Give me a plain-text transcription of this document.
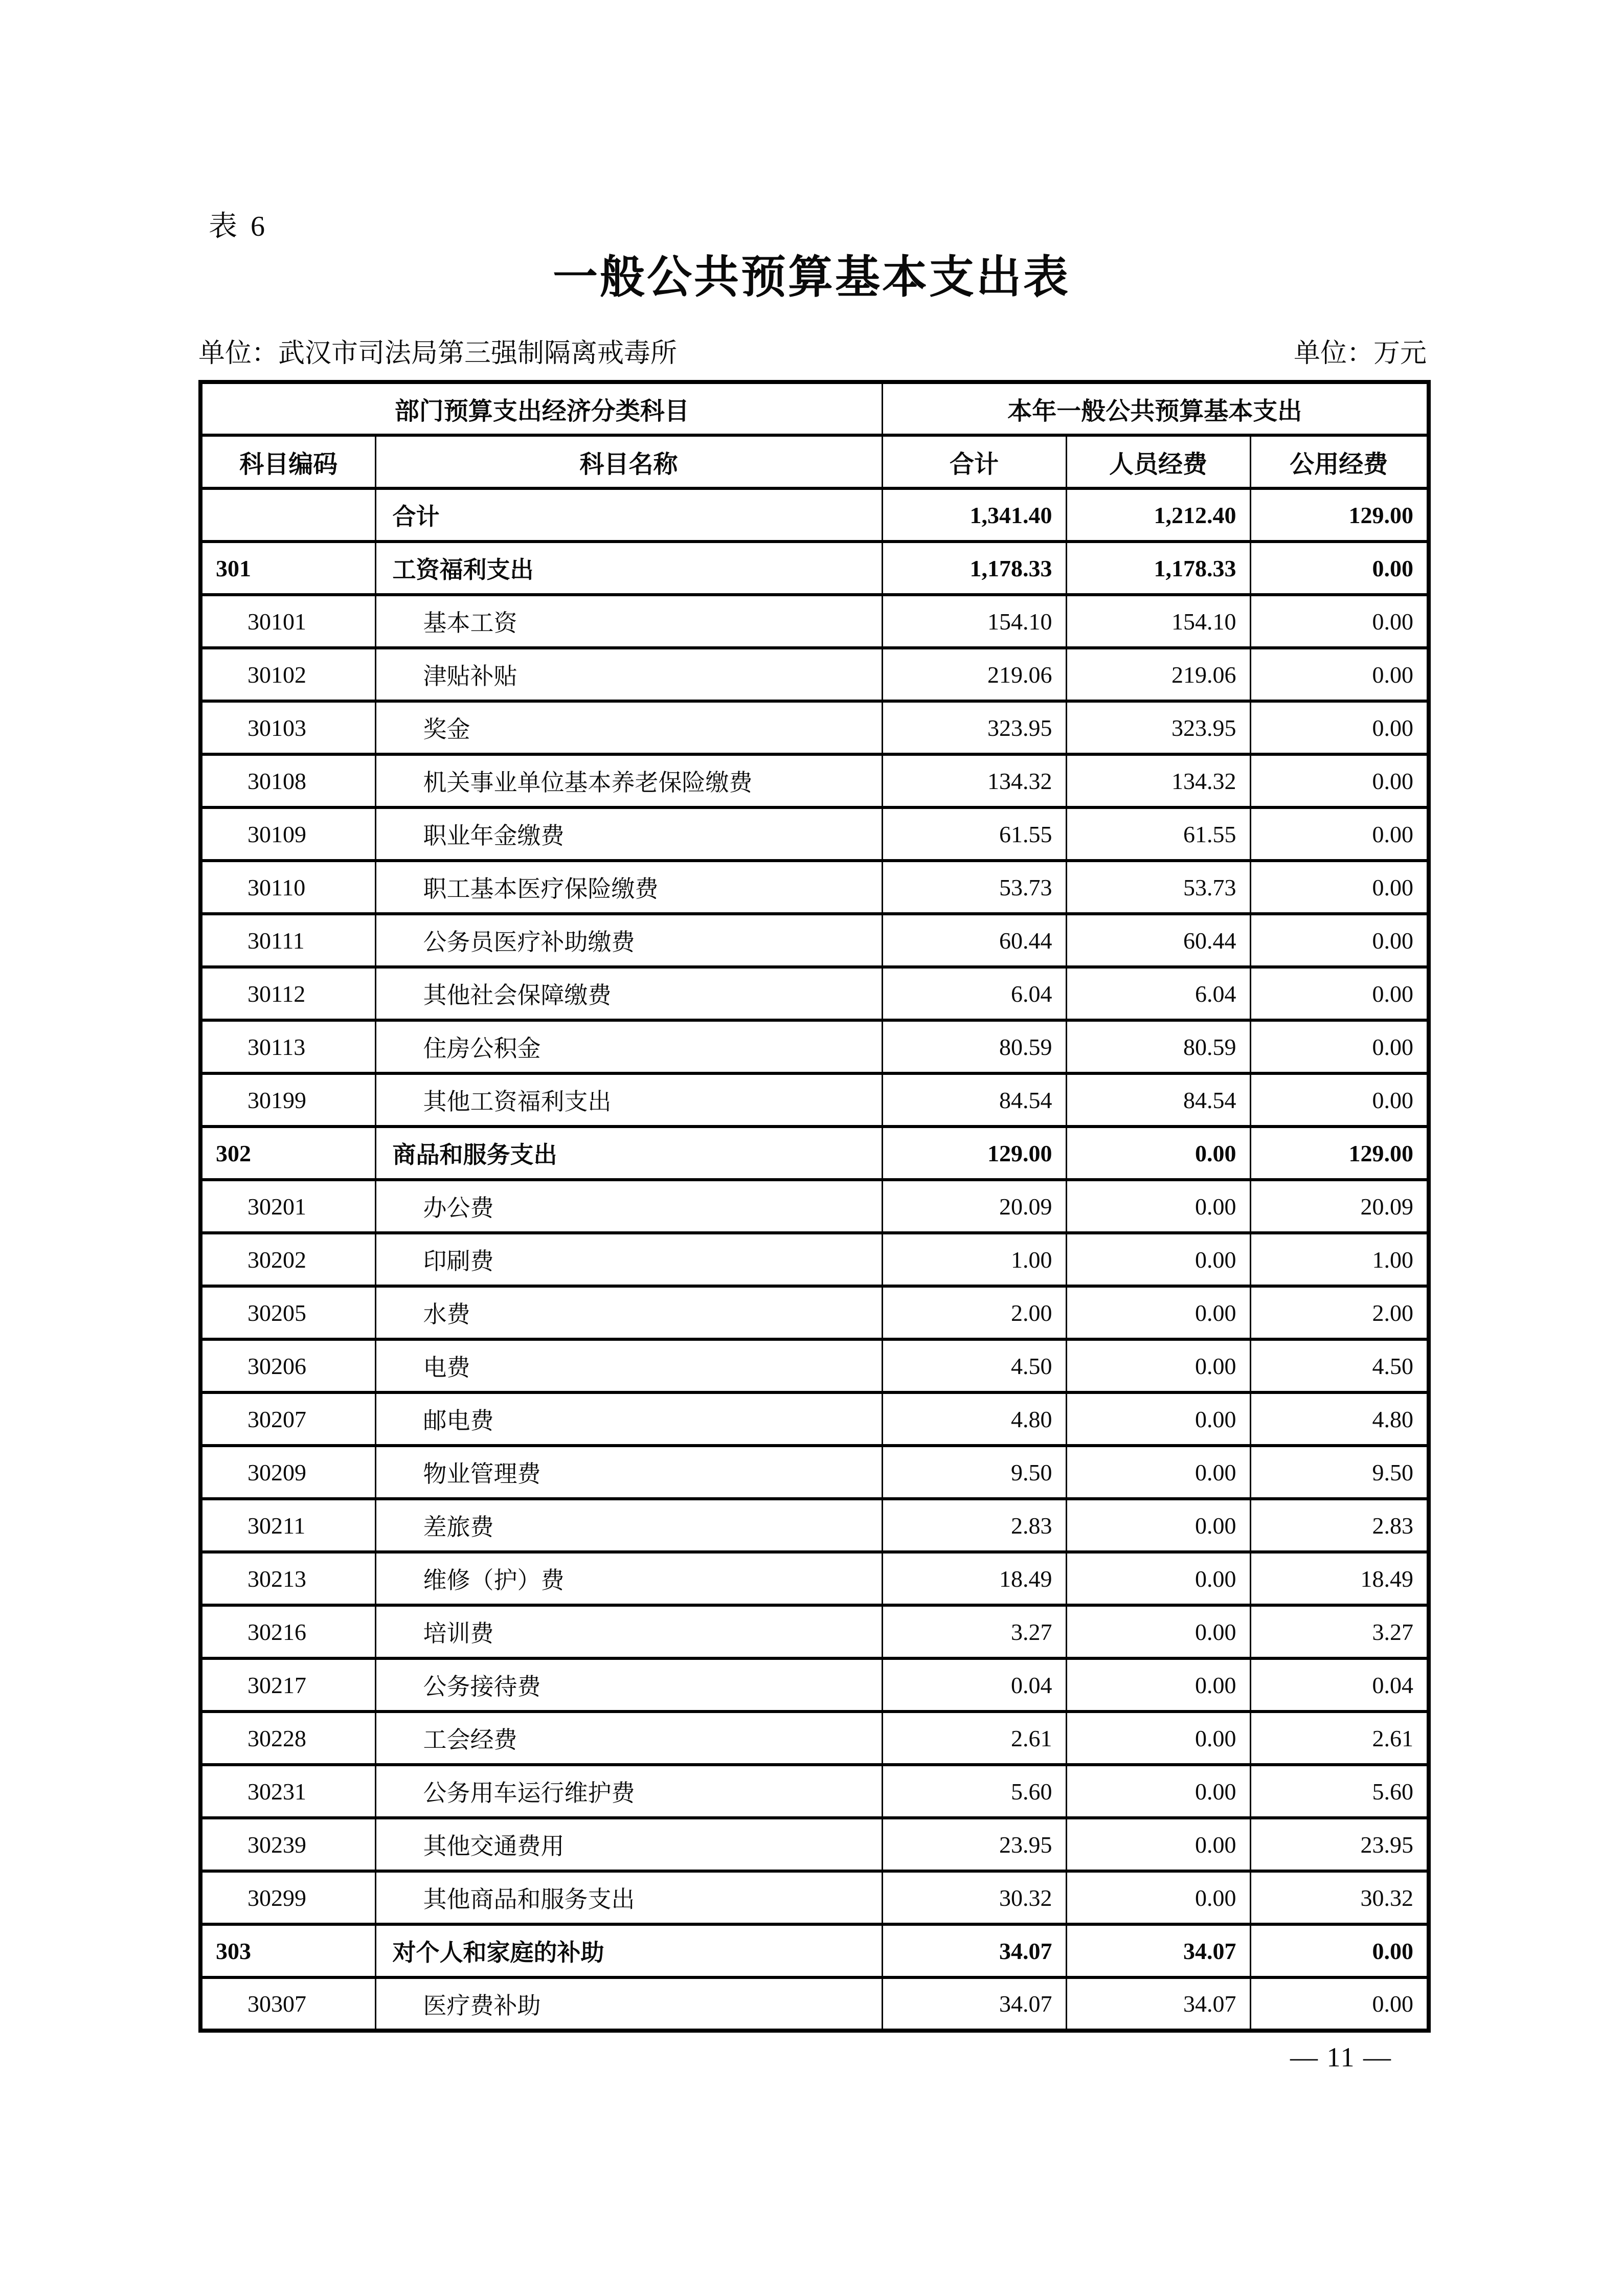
表 6
一般公共预算基本支出表
单位：武汉市司法局第三强制隔离戒毒所	单位：万元
部门预算支出经济分类科目		本年一般公共预算基本支出		
科目编码	科目名称	合计	人员经费	公用经费
	合计	1,341.40	1,212.40	129.00
301	工资福利支出	1,178.33	1,178.33	0.00
30101	基本工资	154.10	154.10	0.00
30102	津贴补贴	219.06	219.06	0.00
30103	奖金	323.95	323.95	0.00
30108	机关事业单位基本养老保险缴费	134.32	134.32	0.00
30109	职业年金缴费	61.55	61.55	0.00
30110	职工基本医疗保险缴费	53.73	53.73	0.00
30111	公务员医疗补助缴费	60.44	60.44	0.00
30112	其他社会保障缴费	6.04	6.04	0.00
30113	住房公积金	80.59	80.59	0.00
30199	其他工资福利支出	84.54	84.54	0.00
302	商品和服务支出	129.00	0.00	129.00
30201	办公费	20.09	0.00	20.09
30202	印刷费	1.00	0.00	1.00
30205	水费	2.00	0.00	2.00
30206	电费	4.50	0.00	4.50
30207	邮电费	4.80	0.00	4.80
30209	物业管理费	9.50	0.00	9.50
30211	差旅费	2.83	0.00	2.83
30213	维修（护）费	18.49	0.00	18.49
30216	培训费	3.27	0.00	3.27
30217	公务接待费	0.04	0.00	0.04
30228	工会经费	2.61	0.00	2.61
30231	公务用车运行维护费	5.60	0.00	5.60
30239	其他交通费用	23.95	0.00	23.95
30299	其他商品和服务支出	30.32	0.00	30.32
303	对个人和家庭的补助	34.07	34.07	0.00
30307	医疗费补助	34.07	34.07	0.00
— 11 —
